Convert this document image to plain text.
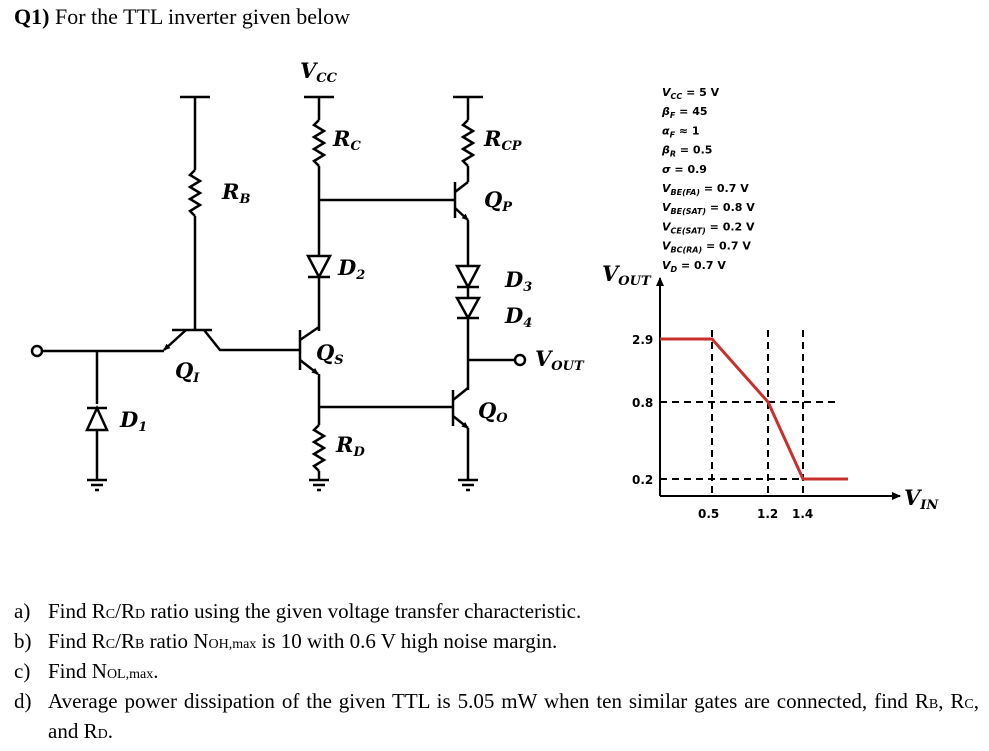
Q1) For the TTL inverter given below
VCC
RB
RC	RCP
QP
D2	D3
D4
QS
QI
VOUT
QO
D1
RD
$V_{CC} = 5$ V
$\beta_F = 45$
$\alpha_F \approx 1$
$\beta_R = 0.5$
σ = 0.9
$V_{BE(FA)} = 0.7$ V
$V_{BE(SAT)} = 0.8$ V
$V_{CE(SAT)} = 0.2$ V
$V_{BC(RA)} = 0.7$ V
$V_D = 0.7$ V
2.9
0.8
0.2
0.5	1.2 1.4
VOUT
VIN
a) Find RC/RD ratio using the given voltage transfer characteristic.
b) Find RC/RB ratio NOH,max is 10 with 0.6 V high noise margin.
c) Find NOL,max.
d) Average power dissipation of the given TTL is 5.05 mW when ten similar gates are connected, find RB, RC, and RD.
